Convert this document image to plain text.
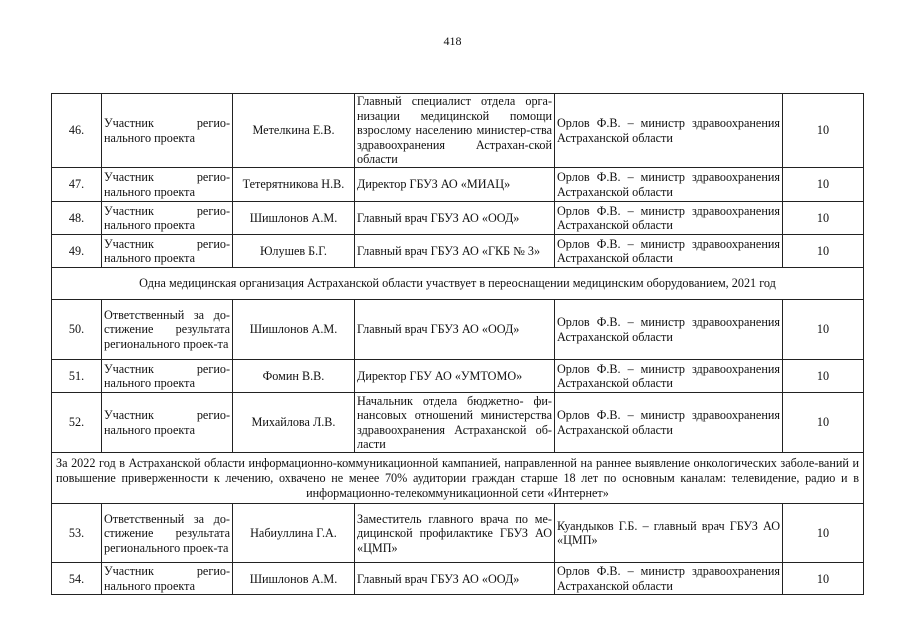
418
46.	Участник регио-нального проекта	Метелкина Е.В.	Главный специалист отдела орга-низации медицинской помощи взрослому населению министер-ства здравоохранения Астрахан-ской области	Орлов Ф.В. – министр здравоохранения Астраханской области	10
47.	Участник регио-нального проекта	Тетерятникова Н.В.	Директор ГБУЗ АО «МИАЦ»	Орлов Ф.В. – министр здравоохранения Астраханской области	10
48.	Участник регио-нального проекта	Шишлонов А.М.	Главный врач ГБУЗ АО «ООД»	Орлов Ф.В. – министр здравоохранения Астраханской области	10
49.	Участник регио-нального проекта	Юлушев Б.Г.	Главный врач ГБУЗ АО «ГКБ № 3»	Орлов Ф.В. – министр здравоохранения Астраханской области	10
Одна медицинская организация Астраханской области участвует в переоснащении медицинским оборудованием, 2021 год					
50.	Ответственный за до-стижение результата регионального проек-та	Шишлонов А.М.	Главный врач ГБУЗ АО «ООД»	Орлов Ф.В. – министр здравоохранения Астраханской области	10
51.	Участник регио-нального проекта	Фомин В.В.	Директор ГБУ АО «УМТОМО»	Орлов Ф.В. – министр здравоохранения Астраханской области	10
52.	Участник регио-нального проекта	Михайлова Л.В.	Начальник отдела бюджетно- фи-нансовых отношений министерства здравоохранения Астраханской об-ласти	Орлов Ф.В. – министр здравоохранения Астраханской области	10
За 2022 год в Астраханской области информационно-коммуникационной кампанией, направленной на раннее выявление онкологических заболе-ваний и повышение приверженности к лечению, охвачено не менее 70% аудитории граждан старше 18 лет по основным каналам: телевидение, радио и в информационно-телекоммуникационной сети «Интернет»					
53.	Ответственный за до-стижение результата регионального проек-та	Набиуллина Г.А.	Заместитель главного врача по ме-дицинской профилактике ГБУЗ АО «ЦМП»	Куандыков Г.Б. – главный врач ГБУЗ АО «ЦМП»	10
54.	Участник регио-нального проекта	Шишлонов А.М.	Главный врач ГБУЗ АО «ООД»	Орлов Ф.В. – министр здравоохранения Астраханской области	10
